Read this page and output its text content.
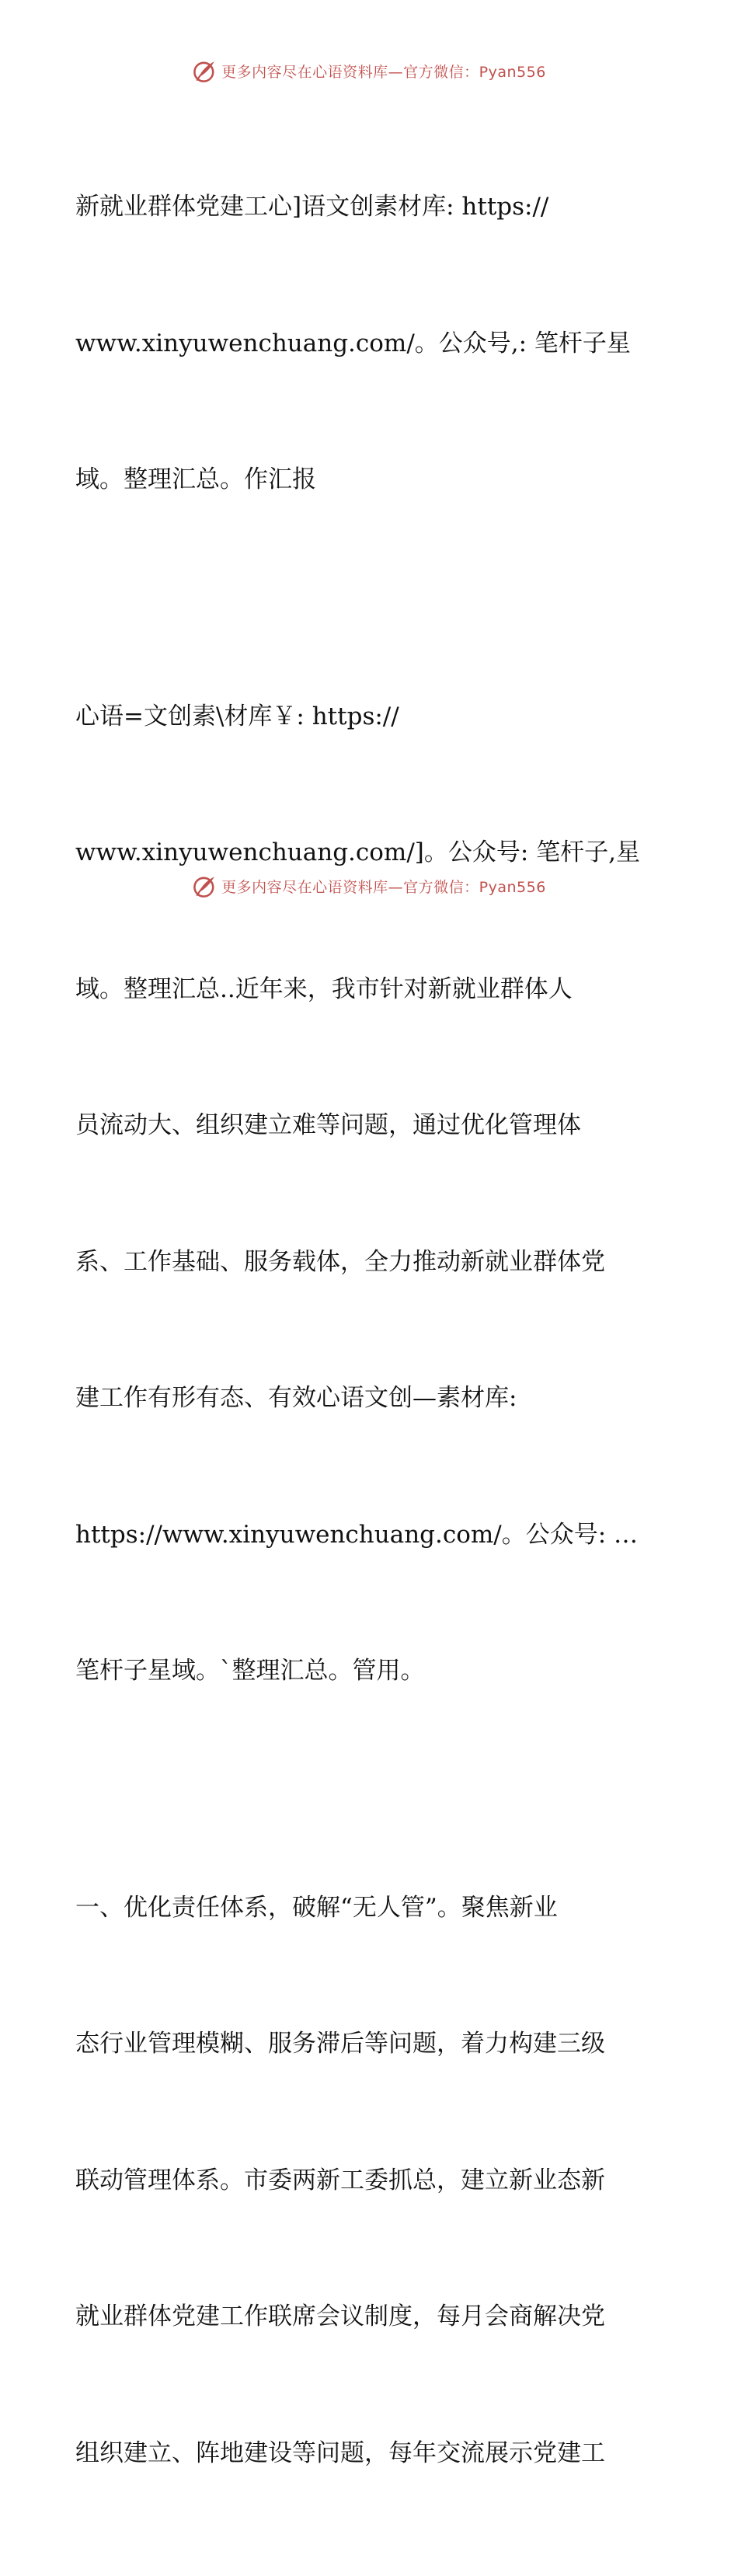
更多内容尽在心语资料库—官方微信：Pyan556

新就业群体党建工心]语文创素材库: https://

www.xinyuwenchuang.com/。公众号,: 笔杆子星

域。整理汇总。作汇报

心语=文创素\材库￥: https://

www.xinyuwenchuang.com/]。公众号: 笔杆子,星

域。整理汇总..近年来，我市针对新就业群体人

员流动大、组织建立难等问题，通过优化管理体

系、工作基础、服务载体，全力推动新就业群体党

建工作有形有态、有效心语文创—素材库:

https://www.xinyuwenchuang.com/。公众号: …

笔杆子星域。`整理汇总。管用。

一、优化责任体系，破解“无人管”。聚焦新业

态行业管理模糊、服务滞后等问题，着力构建三级

联动管理体系。市委两新工委抓总，建立新业态新

就业群体党建工作联席会议制度，每月会商解决党

组织建立、阵地建设等问题，每年交流展示党建工

更多内容尽在心语资料库—官方微信：Pyan556
